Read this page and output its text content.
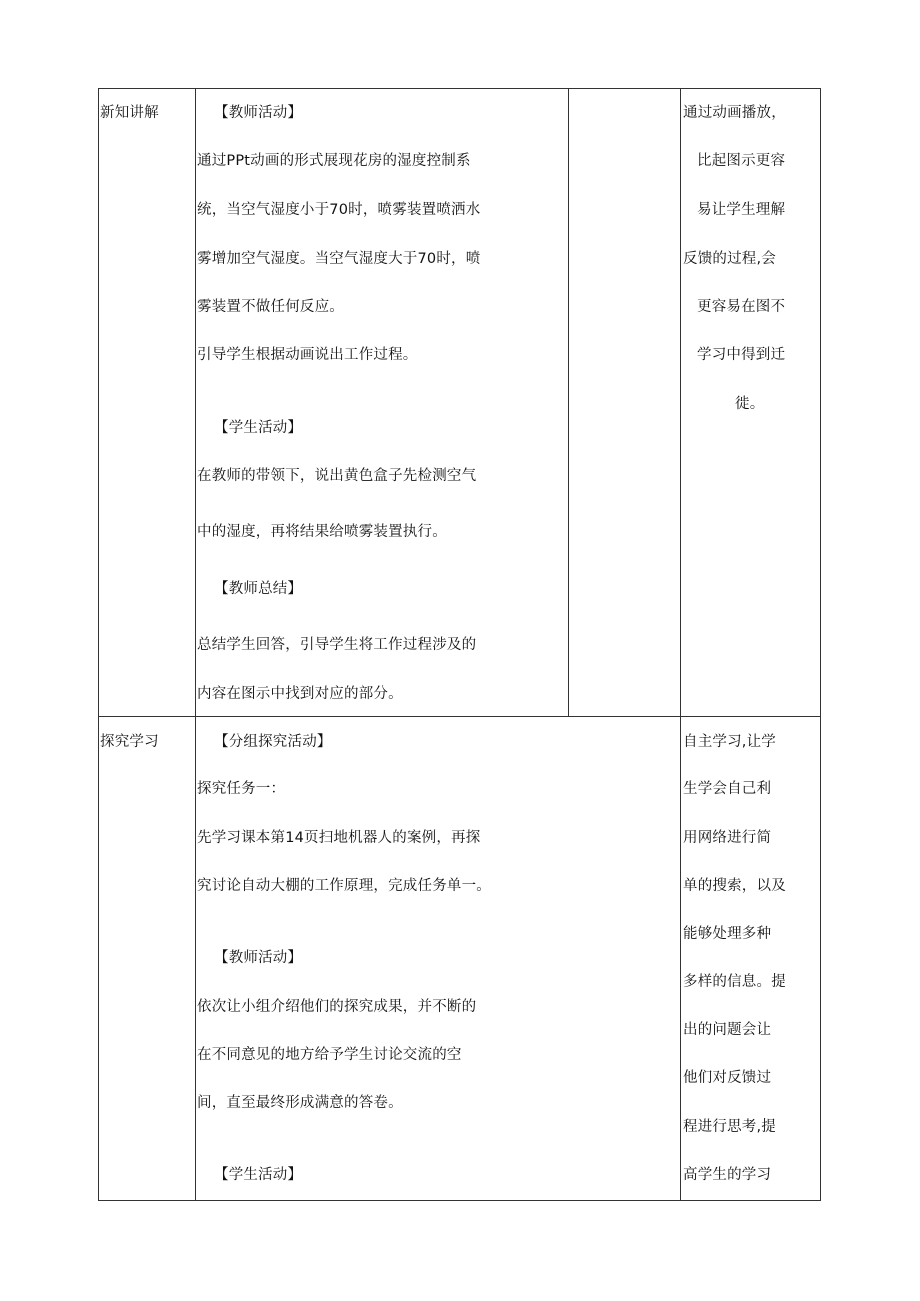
新知讲解	【教师活动】
通过PPt动画的形式展现花房的湿度控制系
统，当空气湿度小于70时，喷雾装置喷洒水
雾增加空气湿度。当空气湿度大于70时，喷
雾装置不做任何反应。
引导学生根据动画说出工作过程。
【学生活动】
在教师的带领下，说出黄色盒子先检测空气
中的湿度，再将结果给喷雾装置执行。
【教师总结】
总结学生回答，引导学生将工作过程涉及的
内容在图示中找到对应的部分。
通过动画播放，
比起图示更容
易让学生理解
反馈的过程,会
更容易在图不
学习中得到迁
徙。
探究学习	【分组探究活动】
探究任务一：
先学习课本第14页扫地机器人的案例，再探
究讨论自动大棚的工作原理，完成任务单一。
【教师活动】
依次让小组介绍他们的探究成果，并不断的
在不同意见的地方给予学生讨论交流的空
间，直至最终形成满意的答卷。
【学生活动】
自主学习,让学
生学会自己利
用网络进行简
单的搜索，以及
能够处理多种
多样的信息。提
出的问题会让
他们对反馈过
程进行思考,提
高学生的学习
